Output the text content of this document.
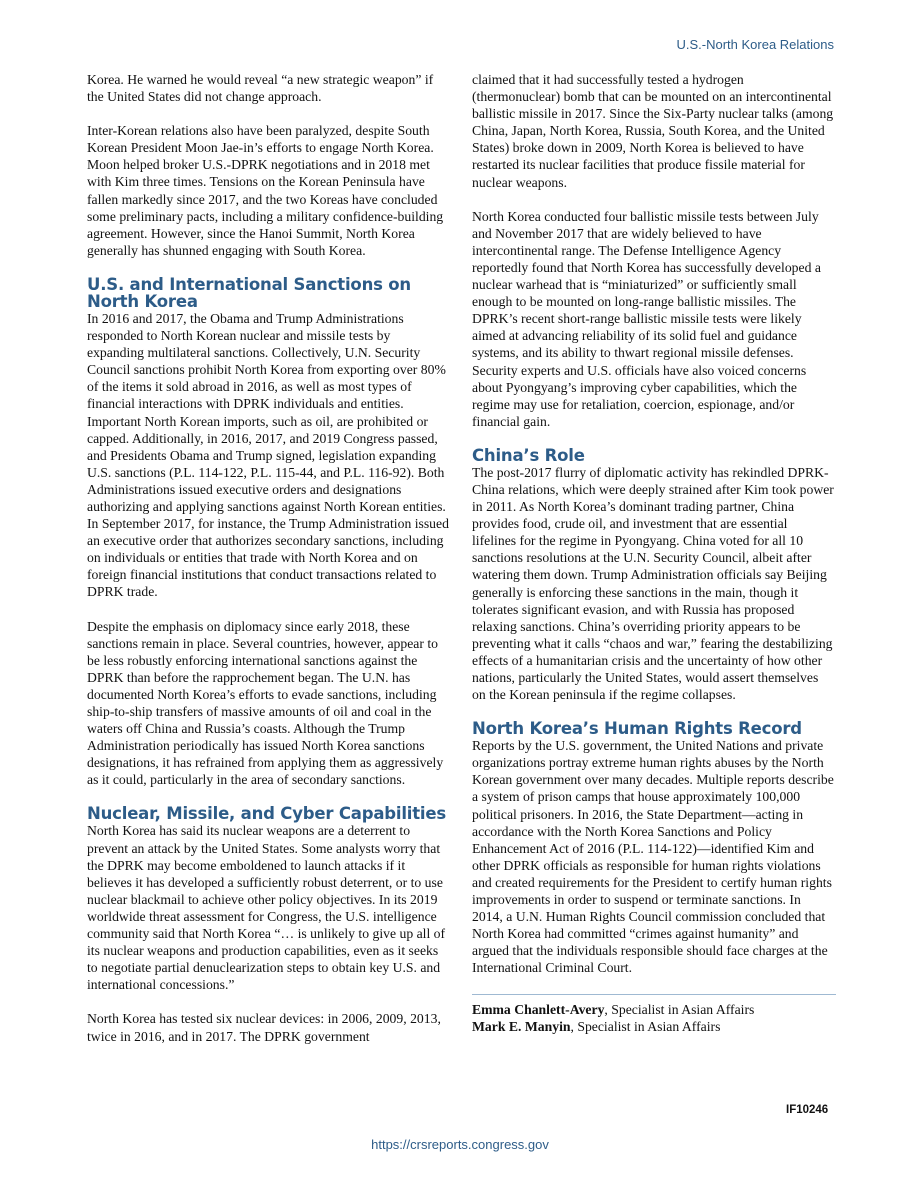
U.S.-North Korea Relations

Korea. He warned he would reveal “a new strategic weapon” if the United States did not change approach.

Inter-Korean relations also have been paralyzed, despite South Korean President Moon Jae-in’s efforts to engage North Korea. Moon helped broker U.S.-DPRK negotiations and in 2018 met with Kim three times. Tensions on the Korean Peninsula have fallen markedly since 2017, and the two Koreas have concluded some preliminary pacts, including a military confidence-building agreement. However, since the Hanoi Summit, North Korea generally has shunned engaging with South Korea.

U.S. and International Sanctions on North Korea

In 2016 and 2017, the Obama and Trump Administrations responded to North Korean nuclear and missile tests by expanding multilateral sanctions. Collectively, U.N. Security Council sanctions prohibit North Korea from exporting over 80% of the items it sold abroad in 2016, as well as most types of financial interactions with DPRK individuals and entities. Important North Korean imports, such as oil, are prohibited or capped. Additionally, in 2016, 2017, and 2019 Congress passed, and Presidents Obama and Trump signed, legislation expanding U.S. sanctions (P.L. 114-122, P.L. 115-44, and P.L. 116-92). Both Administrations issued executive orders and designations authorizing and applying sanctions against North Korean entities. In September 2017, for instance, the Trump Administration issued an executive order that authorizes secondary sanctions, including on individuals or entities that trade with North Korea and on foreign financial institutions that conduct transactions related to DPRK trade.

Despite the emphasis on diplomacy since early 2018, these sanctions remain in place. Several countries, however, appear to be less robustly enforcing international sanctions against the DPRK than before the rapprochement began. The U.N. has documented North Korea’s efforts to evade sanctions, including ship-to-ship transfers of massive amounts of oil and coal in the waters off China and Russia’s coasts. Although the Trump Administration periodically has issued North Korea sanctions designations, it has refrained from applying them as aggressively as it could, particularly in the area of secondary sanctions.

Nuclear, Missile, and Cyber Capabilities

North Korea has said its nuclear weapons are a deterrent to prevent an attack by the United States. Some analysts worry that the DPRK may become emboldened to launch attacks if it believes it has developed a sufficiently robust deterrent, or to use nuclear blackmail to achieve other policy objectives. In its 2019 worldwide threat assessment for Congress, the U.S. intelligence community said that North Korea “… is unlikely to give up all of its nuclear weapons and production capabilities, even as it seeks to negotiate partial denuclearization steps to obtain key U.S. and international concessions.”

North Korea has tested six nuclear devices: in 2006, 2009, 2013, twice in 2016, and in 2017. The DPRK government

claimed that it had successfully tested a hydrogen (thermonuclear) bomb that can be mounted on an intercontinental ballistic missile in 2017. Since the Six-Party nuclear talks (among China, Japan, North Korea, Russia, South Korea, and the United States) broke down in 2009, North Korea is believed to have restarted its nuclear facilities that produce fissile material for nuclear weapons.

North Korea conducted four ballistic missile tests between July and November 2017 that are widely believed to have intercontinental range. The Defense Intelligence Agency reportedly found that North Korea has successfully developed a nuclear warhead that is “miniaturized” or sufficiently small enough to be mounted on long-range ballistic missiles. The DPRK’s recent short-range ballistic missile tests were likely aimed at advancing reliability of its solid fuel and guidance systems, and its ability to thwart regional missile defenses. Security experts and U.S. officials have also voiced concerns about Pyongyang’s improving cyber capabilities, which the regime may use for retaliation, coercion, espionage, and/or financial gain.

China’s Role

The post-2017 flurry of diplomatic activity has rekindled DPRK-China relations, which were deeply strained after Kim took power in 2011. As North Korea’s dominant trading partner, China provides food, crude oil, and investment that are essential lifelines for the regime in Pyongyang. China voted for all 10 sanctions resolutions at the U.N. Security Council, albeit after watering them down. Trump Administration officials say Beijing generally is enforcing these sanctions in the main, though it tolerates significant evasion, and with Russia has proposed relaxing sanctions. China’s overriding priority appears to be preventing what it calls “chaos and war,” fearing the destabilizing effects of a humanitarian crisis and the uncertainty of how other nations, particularly the United States, would assert themselves on the Korean peninsula if the regime collapses.

North Korea’s Human Rights Record

Reports by the U.S. government, the United Nations and private organizations portray extreme human rights abuses by the North Korean government over many decades. Multiple reports describe a system of prison camps that house approximately 100,000 political prisoners. In 2016, the State Department—acting in accordance with the North Korea Sanctions and Policy Enhancement Act of 2016 (P.L. 114-122)—identified Kim and other DPRK officials as responsible for human rights violations and created requirements for the President to certify human rights improvements in order to suspend or terminate sanctions. In 2014, a U.N. Human Rights Council commission concluded that North Korea had committed “crimes against humanity” and argued that the individuals responsible should face charges at the International Criminal Court.

Emma Chanlett-Avery, Specialist in Asian Affairs

Mark E. Manyin, Specialist in Asian Affairs

IF10246
https://crsreports.congress.gov
